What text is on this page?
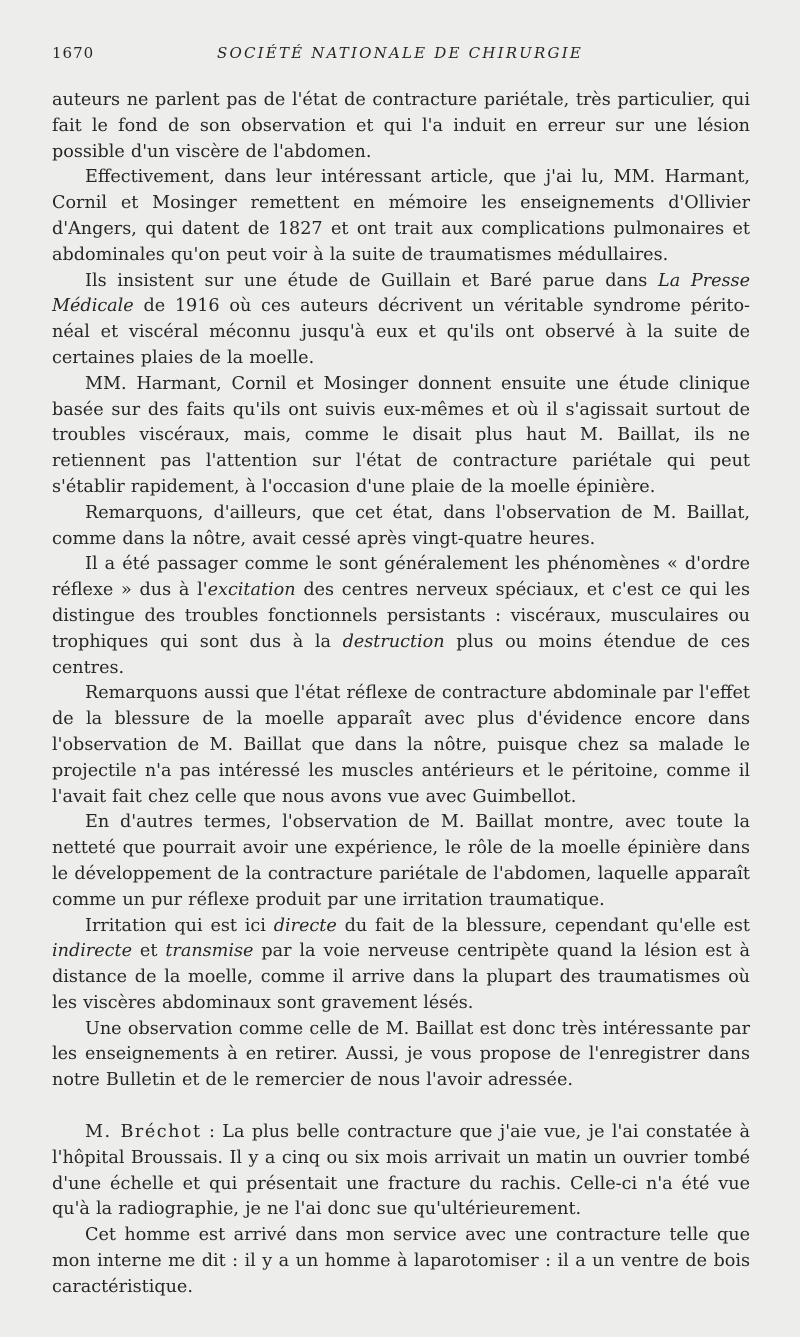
1670	SOCIÉTÉ NATIONALE DE CHIRURGIE

auteurs ne parlent pas de l'état de contracture pariétale, très particulier, qui fait le fond de son observation et qui l'a induit en erreur sur une lésion possible d'un viscère de l'abdomen.

Effectivement, dans leur intéressant article, que j'ai lu, MM. Harmant, Cornil et Mosinger remettent en mémoire les enseignements d'Ollivier d'Angers, qui datent de 1827 et ont trait aux complications pulmonaires et abdominales qu'on peut voir à la suite de traumatismes médullaires.

Ils insistent sur une étude de Guillain et Baré parue dans La Presse Médicale de 1916 où ces auteurs décrivent un véritable syndrome périto-néal et viscéral méconnu jusqu'à eux et qu'ils ont observé à la suite de certaines plaies de la moelle.

MM. Harmant, Cornil et Mosinger donnent ensuite une étude clinique basée sur des faits qu'ils ont suivis eux-mêmes et où il s'agissait surtout de troubles viscéraux, mais, comme le disait plus haut M. Baillat, ils ne retiennent pas l'attention sur l'état de contracture pariétale qui peut s'établir rapidement, à l'occasion d'une plaie de la moelle épinière.

Remarquons, d'ailleurs, que cet état, dans l'observation de M. Baillat, comme dans la nôtre, avait cessé après vingt-quatre heures.

Il a été passager comme le sont généralement les phénomènes « d'ordre réflexe » dus à l'excitation des centres nerveux spéciaux, et c'est ce qui les distingue des troubles fonctionnels persistants : viscéraux, musculaires ou trophiques qui sont dus à la destruction plus ou moins étendue de ces centres.

Remarquons aussi que l'état réflexe de contracture abdominale par l'effet de la blessure de la moelle apparaît avec plus d'évidence encore dans l'observation de M. Baillat que dans la nôtre, puisque chez sa malade le projectile n'a pas intéressé les muscles antérieurs et le péritoine, comme il l'avait fait chez celle que nous avons vue avec Guimbellot.

En d'autres termes, l'observation de M. Baillat montre, avec toute la netteté que pourrait avoir une expérience, le rôle de la moelle épinière dans le développement de la contracture pariétale de l'abdomen, laquelle apparaît comme un pur réflexe produit par une irritation traumatique.

Irritation qui est ici directe du fait de la blessure, cependant qu'elle est indirecte et transmise par la voie nerveuse centripète quand la lésion est à distance de la moelle, comme il arrive dans la plupart des traumatismes où les viscères abdominaux sont gravement lésés.

Une observation comme celle de M. Baillat est donc très intéressante par les enseignements à en retirer. Aussi, je vous propose de l'enregistrer dans notre Bulletin et de le remercier de nous l'avoir adressée.

M. Bréchot : La plus belle contracture que j'aie vue, je l'ai constatée à l'hôpital Broussais. Il y a cinq ou six mois arrivait un matin un ouvrier tombé d'une échelle et qui présentait une fracture du rachis. Celle-ci n'a été vue qu'à la radiographie, je ne l'ai donc sue qu'ultérieurement.

Cet homme est arrivé dans mon service avec une contracture telle que mon interne me dit : il y a un homme à laparotomiser : il a un ventre de bois caractéristique.
